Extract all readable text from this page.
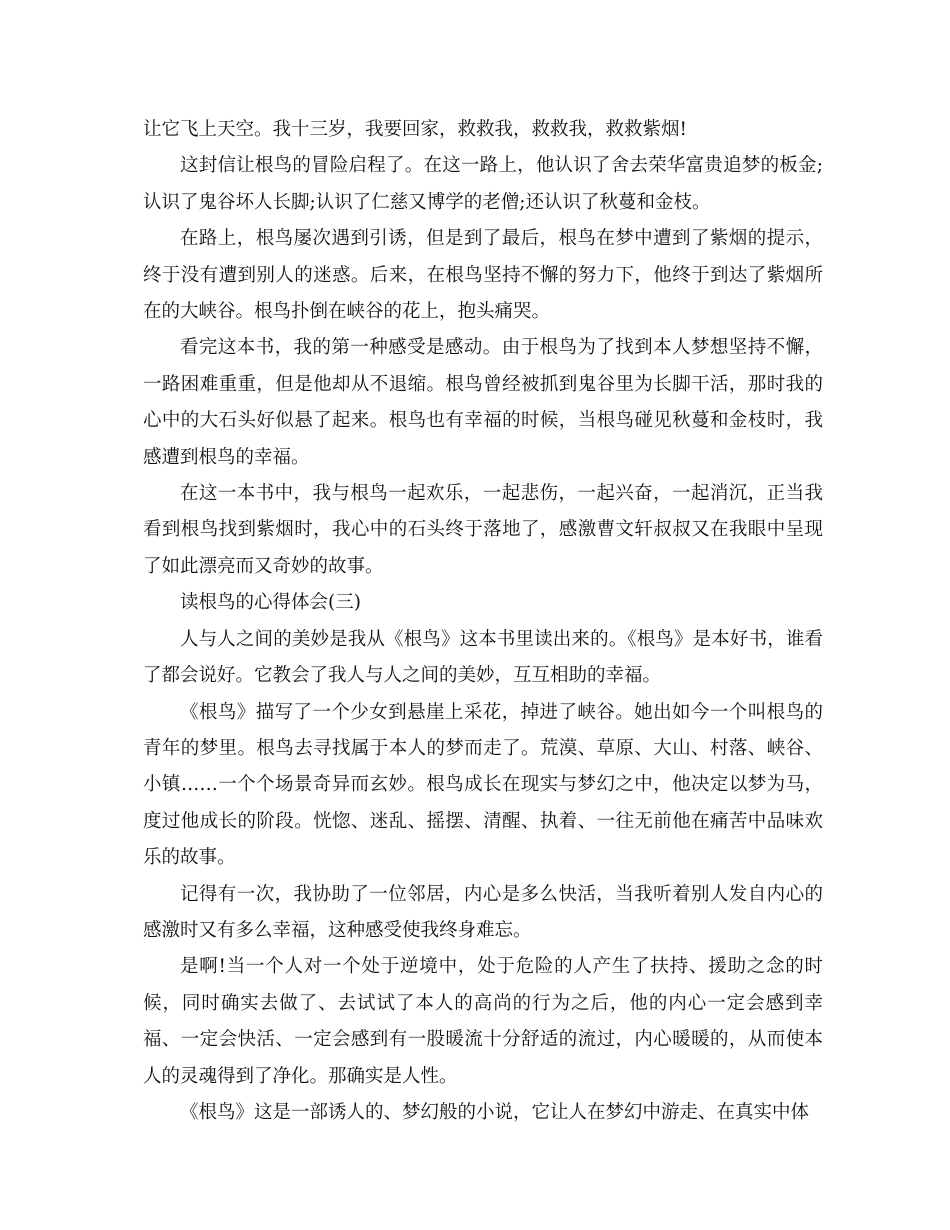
让它飞上天空。我十三岁，我要回家，救救我，救救我，救救紫烟!

这封信让根鸟的冒险启程了。在这一路上，他认识了舍去荣华富贵追梦的板金;认识了鬼谷坏人长脚;认识了仁慈又博学的老僧;还认识了秋蔓和金枝。

在路上，根鸟屡次遇到引诱，但是到了最后，根鸟在梦中遭到了紫烟的提示，终于没有遭到别人的迷惑。后来，在根鸟坚持不懈的努力下，他终于到达了紫烟所在的大峡谷。根鸟扑倒在峡谷的花上，抱头痛哭。

看完这本书，我的第一种感受是感动。由于根鸟为了找到本人梦想坚持不懈，一路困难重重，但是他却从不退缩。根鸟曾经被抓到鬼谷里为长脚干活，那时我的心中的大石头好似悬了起来。根鸟也有幸福的时候，当根鸟碰见秋蔓和金枝时，我感遭到根鸟的幸福。

在这一本书中，我与根鸟一起欢乐，一起悲伤，一起兴奋，一起消沉，正当我看到根鸟找到紫烟时，我心中的石头终于落地了，感激曹文轩叔叔又在我眼中呈现了如此漂亮而又奇妙的故事。

读根鸟的心得体会(三)

人与人之间的美妙是我从《根鸟》这本书里读出来的。《根鸟》是本好书，谁看了都会说好。它教会了我人与人之间的美妙，互互相助的幸福。

《根鸟》描写了一个少女到悬崖上采花，掉进了峡谷。她出如今一个叫根鸟的青年的梦里。根鸟去寻找属于本人的梦而走了。荒漠、草原、大山、村落、峡谷、小镇……一个个场景奇异而玄妙。根鸟成长在现实与梦幻之中，他决定以梦为马，度过他成长的阶段。恍惚、迷乱、摇摆、清醒、执着、一往无前他在痛苦中品味欢乐的故事。

记得有一次，我协助了一位邻居，内心是多么快活，当我听着别人发自内心的感激时又有多么幸福，这种感受使我终身难忘。

是啊!当一个人对一个处于逆境中，处于危险的人产生了扶持、援助之念的时候，同时确实去做了、去试试了本人的高尚的行为之后，他的内心一定会感到幸福、一定会快活、一定会感到有一股暖流十分舒适的流过，内心暖暖的，从而使本人的灵魂得到了净化。那确实是人性。

《根鸟》这是一部诱人的、梦幻般的小说，它让人在梦幻中游走、在真实中体
